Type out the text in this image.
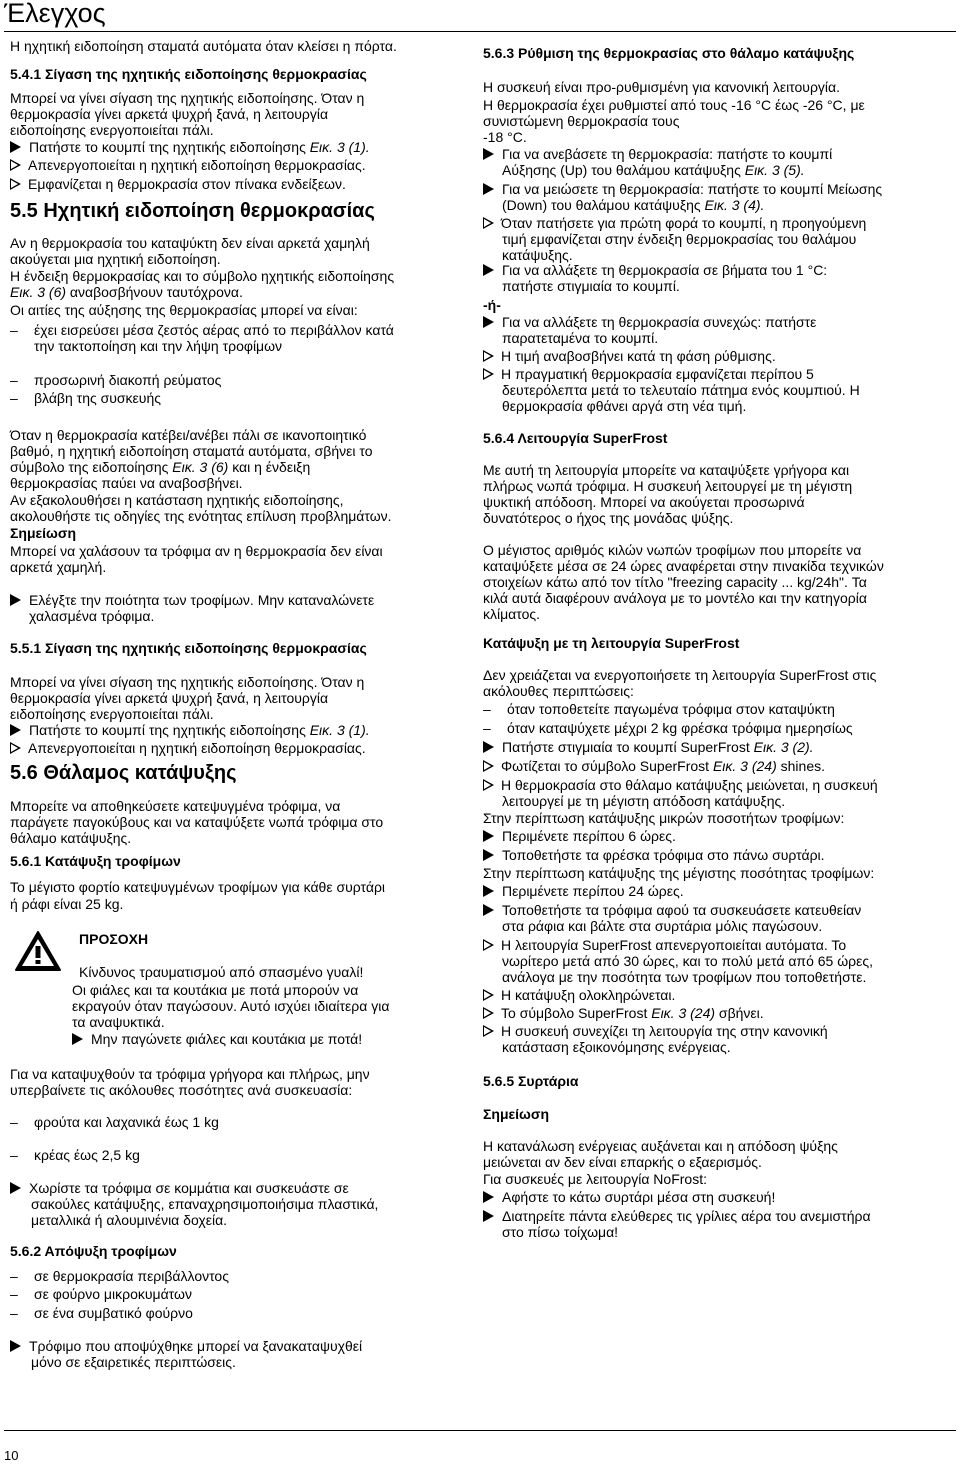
Έλεγχος
Η ηχητική ειδοποίηση σταματά αυτόματα όταν κλείσει η πόρτα.
5.4.1 Σίγαση της ηχητικής ειδοποίησης θερμοκρασίας
Μπορεί να γίνει σίγαση της ηχητικής ειδοποίησης. Όταν η
θερμοκρασία γίνει αρκετά ψυχρή ξανά, η λειτουργία
ειδοποίησης ενεργοποιείται πάλι.
Πατήστε το κουμπί της ηχητικής ειδοποίησης Εικ. 3 (1).
Απενεργοποιείται η ηχητική ειδοποίηση θερμοκρασίας.
Εμφανίζεται η θερμοκρασία στον πίνακα ενδείξεων.
5.5 Ηχητική ειδοποίηση θερμοκρασίας
Αν η θερμοκρασία του καταψύκτη δεν είναι αρκετά χαμηλή
ακούγεται μια ηχητική ειδοποίηση.
Η ένδειξη θερμοκρασίας και το σύμβολο ηχητικής ειδοποίησης
Εικ. 3 (6) αναβοσβήνουν ταυτόχρονα.
Οι αιτίες της αύξησης της θερμοκρασίας μπορεί να είναι:
– έχει εισρεύσει μέσα ζεστός αέρας από το περιβάλλον κατά
την τακτοποίηση και την λήψη τροφίμων
– προσωρινή διακοπή ρεύματος
– βλάβη της συσκευής
Όταν η θερμοκρασία κατέβει/ανέβει πάλι σε ικανοποιητικό
βαθμό, η ηχητική ειδοποίηση σταματά αυτόματα, σβήνει το
σύμβολο της ειδοποίησης Εικ. 3 (6) και η ένδειξη
θερμοκρασίας παύει να αναβοσβήνει.
Αν εξακολουθήσει η κατάσταση ηχητικής ειδοποίησης,
ακολουθήστε τις οδηγίες της ενότητας επίλυση προβλημάτων.
Σημείωση
Μπορεί να χαλάσουν τα τρόφιμα αν η θερμοκρασία δεν είναι
αρκετά χαμηλή.
Ελέγξτε την ποιότητα των τροφίμων. Μην καταναλώνετε
χαλασμένα τρόφιμα.
5.5.1 Σίγαση της ηχητικής ειδοποίησης θερμοκρασίας
Μπορεί να γίνει σίγαση της ηχητικής ειδοποίησης. Όταν η
θερμοκρασία γίνει αρκετά ψυχρή ξανά, η λειτουργία
ειδοποίησης ενεργοποιείται πάλι.
Πατήστε το κουμπί της ηχητικής ειδοποίησης Εικ. 3 (1).
Απενεργοποιείται η ηχητική ειδοποίηση θερμοκρασίας.
5.6 Θάλαμος κατάψυξης
Μπορείτε να αποθηκεύσετε κατεψυγμένα τρόφιμα, να
παράγετε παγοκύβους και να καταψύξετε νωπά τρόφιμα στο
θάλαμο κατάψυξης.
5.6.1 Κατάψυξη τροφίμων
Το μέγιστο φορτίο κατεψυγμένων τροφίμων για κάθε συρτάρι
ή ράφι είναι 25 kg.
ΠΡΟΣΟΧΗ
Κίνδυνος τραυματισμού από σπασμένο γυαλί!
Οι φιάλες και τα κουτάκια με ποτά μπορούν να
εκραγούν όταν παγώσουν. Αυτό ισχύει ιδιαίτερα για
τα αναψυκτικά.
Μην παγώνετε φιάλες και κουτάκια με ποτά!
Για να καταψυχθούν τα τρόφιμα γρήγορα και πλήρως, μην
υπερβαίνετε τις ακόλουθες ποσότητες ανά συσκευασία:
– φρούτα και λαχανικά έως 1 kg
– κρέας έως 2,5 kg
Χωρίστε τα τρόφιμα σε κομμάτια και συσκευάστε σε
σακούλες κατάψυξης, επαναχρησιμοποιήσιμα πλαστικά,
μεταλλικά ή αλουμινένια δοχεία.
5.6.2 Απόψυξη τροφίμων
– σε θερμοκρασία περιβάλλοντος
– σε φούρνο μικροκυμάτων
– σε ένα συμβατικό φούρνο
Τρόφιμο που αποψύχθηκε μπορεί να ξανακαταψυχθεί
μόνο σε εξαιρετικές περιπτώσεις.
5.6.3 Ρύθμιση της θερμοκρασίας στο θάλαμο κατάψυξης
Η συσκευή είναι προ-ρυθμισμένη για κανονική λειτουργία.
Η θερμοκρασία έχει ρυθμιστεί από τους -16 °C έως -26 °C, με
συνιστώμενη θερμοκρασία τους
-18 °C.
Για να ανεβάσετε τη θερμοκρασία: πατήστε το κουμπί
Αύξησης (Up) του θαλάμου κατάψυξης Εικ. 3 (5).
Για να μειώσετε τη θερμοκρασία: πατήστε το κουμπί Μείωσης
(Down) του θαλάμου κατάψυξης Εικ. 3 (4).
Όταν πατήσετε για πρώτη φορά το κουμπί, η προηγούμενη
τιμή εμφανίζεται στην ένδειξη θερμοκρασίας του θαλάμου
κατάψυξης.
Για να αλλάξετε τη θερμοκρασία σε βήματα του 1 °C:
πατήστε στιγμιαία το κουμπί.
-ή-
Για να αλλάξετε τη θερμοκρασία συνεχώς: πατήστε
παρατεταμένα το κουμπί.
Η τιμή αναβοσβήνει κατά τη φάση ρύθμισης.
Η πραγματική θερμοκρασία εμφανίζεται περίπου 5
δευτερόλεπτα μετά το τελευταίο πάτημα ενός κουμπιού. Η
θερμοκρασία φθάνει αργά στη νέα τιμή.
5.6.4 Λειτουργία SuperFrost
Με αυτή τη λειτουργία μπορείτε να καταψύξετε γρήγορα και
πλήρως νωπά τρόφιμα. Η συσκευή λειτουργεί με τη μέγιστη
ψυκτική απόδοση. Μπορεί να ακούγεται προσωρινά
δυνατότερος ο ήχος της μονάδας ψύξης.
Ο μέγιστος αριθμός κιλών νωπών τροφίμων που μπορείτε να
καταψύξετε μέσα σε 24 ώρες αναφέρεται στην πινακίδα τεχνικών
στοιχείων κάτω από τον τίτλο "freezing capacity ... kg/24h". Τα
κιλά αυτά διαφέρουν ανάλογα με το μοντέλο και την κατηγορία
κλίματος.
Κατάψυξη με τη λειτουργία SuperFrost
Δεν χρειάζεται να ενεργοποιήσετε τη λειτουργία SuperFrost στις
ακόλουθες περιπτώσεις:
– όταν τοποθετείτε παγωμένα τρόφιμα στον καταψύκτη
– όταν καταψύχετε μέχρι 2 kg φρέσκα τρόφιμα ημερησίως
Πατήστε στιγμιαία το κουμπί SuperFrost Εικ. 3 (2).
Φωτίζεται το σύμβολο SuperFrost Εικ. 3 (24) shines.
Η θερμοκρασία στο θάλαμο κατάψυξης μειώνεται, η συσκευή
λειτουργεί με τη μέγιστη απόδοση κατάψυξης.
Στην περίπτωση κατάψυξης μικρών ποσοτήτων τροφίμων:
Περιμένετε περίπου 6 ώρες.
Τοποθετήστε τα φρέσκα τρόφιμα στο πάνω συρτάρι.
Στην περίπτωση κατάψυξης της μέγιστης ποσότητας τροφίμων:
Περιμένετε περίπου 24 ώρες.
Τοποθετήστε τα τρόφιμα αφού τα συσκευάσετε κατευθείαν
στα ράφια και βάλτε στα συρτάρια μόλις παγώσουν.
Η λειτουργία SuperFrost απενεργοποιείται αυτόματα. Το
νωρίτερο μετά από 30 ώρες, και το πολύ μετά από 65 ώρες,
ανάλογα με την ποσότητα των τροφίμων που τοποθετήστε.
Η κατάψυξη ολοκληρώνεται.
Το σύμβολο SuperFrost Εικ. 3 (24) σβήνει.
Η συσκευή συνεχίζει τη λειτουργία της στην κανονική
κατάσταση εξοικονόμησης ενέργειας.
5.6.5 Συρτάρια
Σημείωση
Η κατανάλωση ενέργειας αυξάνεται και η απόδοση ψύξης
μειώνεται αν δεν είναι επαρκής ο εξαερισμός.
Για συσκευές με λειτουργία NoFrost:
Αφήστε το κάτω συρτάρι μέσα στη συσκευή!
Διατηρείτε πάντα ελεύθερες τις γρίλιες αέρα του ανεμιστήρα
στο πίσω τοίχωμα!
10
